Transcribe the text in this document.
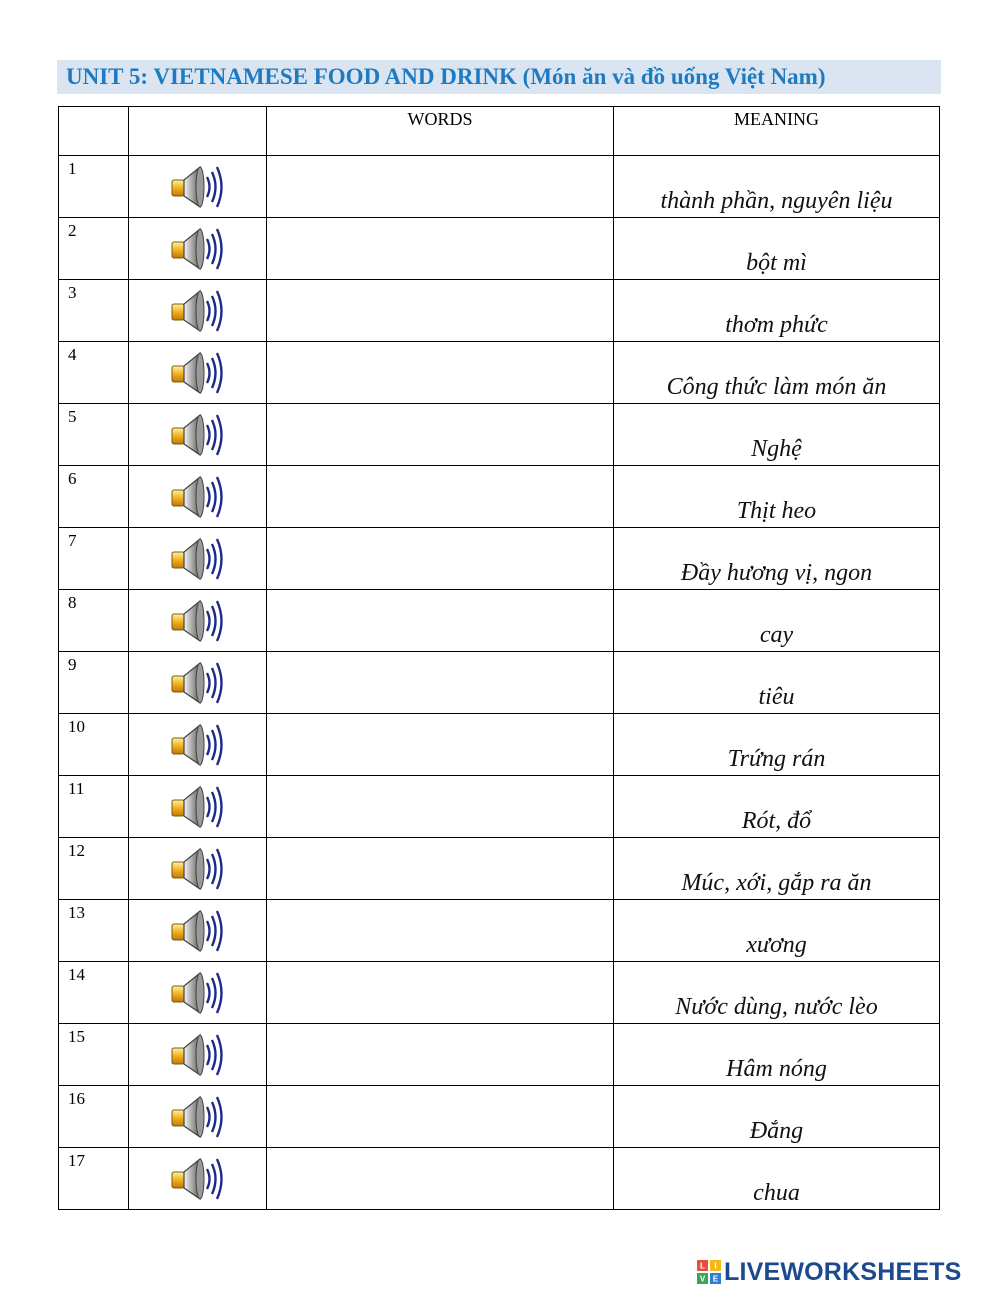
UNIT 5: VIETNAMESE FOOD AND DRINK (Món ăn và đồ uống Việt Nam)
		WORDS	MEANING
1			thành phần, nguyên liệu
2			bột mì
3			thơm phức
4			Công thức làm món ăn
5			Nghệ
6			Thịt heo
7			Đầy hương vị, ngon
8			cay
9			tiêu
10			Trứng rán
11			Rót, đổ
12			Múc, xới, gắp ra ăn
13			xương
14			Nước dùng, nước lèo
15			Hâm nóng
16			Đắng
17			chua
L I
V E LIVEWORKSHEETS
